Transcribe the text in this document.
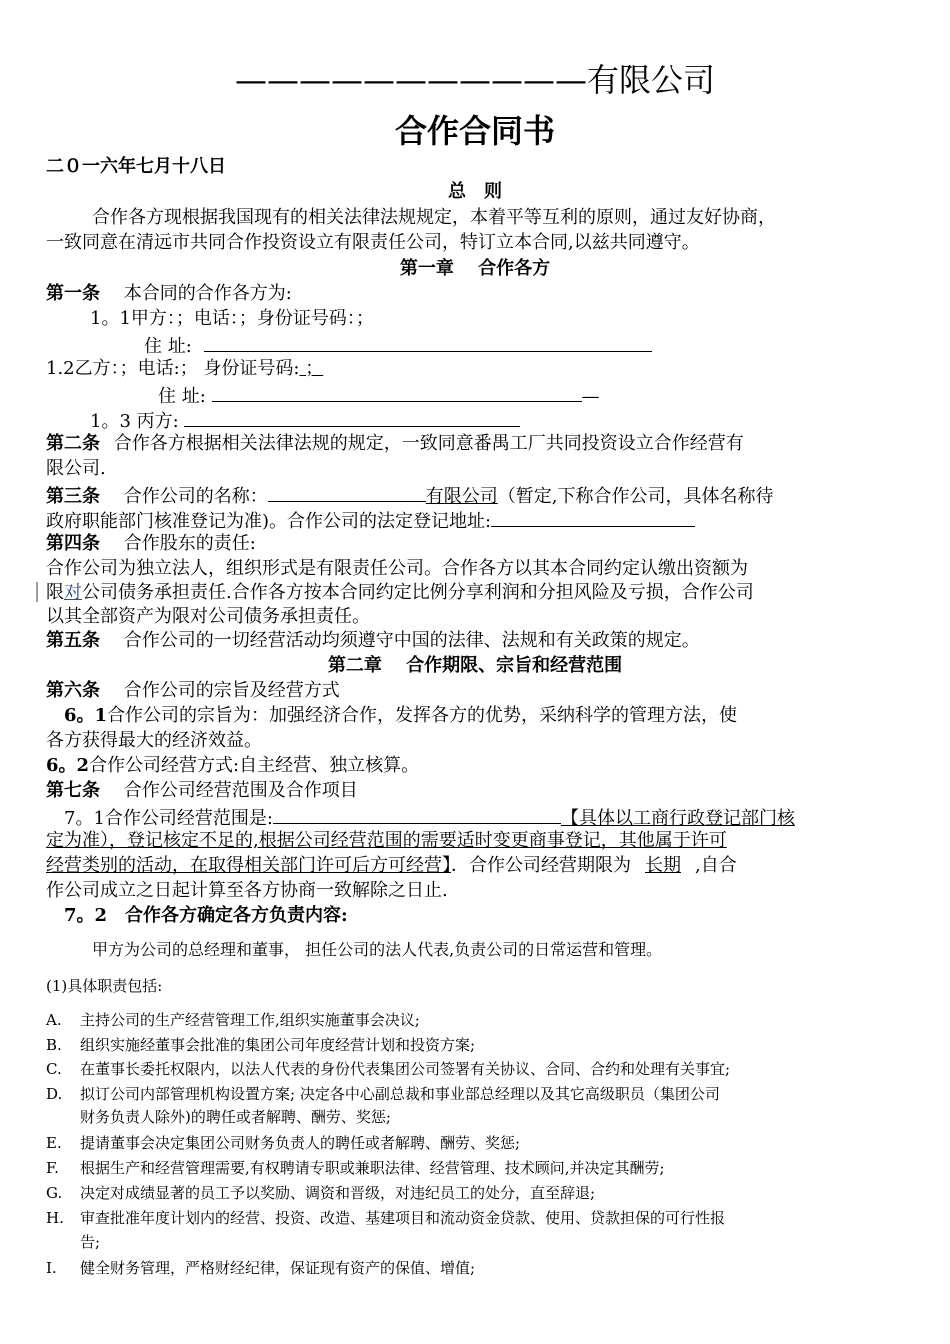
———————————有限公司
合作合同书
二０一六年七月十八日
总　则
合作各方现根据我国现有的相关法律法规规定，本着平等互利的原则，通过友好协商，
一致同意在清远市共同合作投资设立有限责任公司，特订立本合同,以兹共同遵守。
第一章　 合作各方
第一条 本合同的合作各方为:
1。1甲方：；电话：；身份证号码：；
住 址:
1.2乙方：；电话:； 身份证号码: ；
住 址:	—
1。3 丙方:
第二条 合作各方根据相关法律法规的规定，一致同意番禺工厂共同投资设立合作经营有
限公司.
第三条 合作公司的名称：	有限公司（暂定,下称合作公司，具体名称待
政府职能部门核准登记为准)。合作公司的法定登记地址:
第四条 合作股东的责任:
合作公司为独立法人，组织形式是有限责任公司。合作各方以其本合同约定认缴出资额为
限对公司债务承担责任.合作各方按本合同约定比例分享利润和分担风险及亏损，合作公司
以其全部资产为限对公司债务承担责任。
第五条 合作公司的一切经营活动均须遵守中国的法律、法规和有关政策的规定。
第二章　 合作期限、宗旨和经营范围
第六条 合作公司的宗旨及经营方式
6。1合作公司的宗旨为：加强经济合作，发挥各方的优势，采纳科学的管理方法，使
各方获得最大的经济效益。
6。2合作公司经营方式:自主经营、独立核算。
第七条 合作公司经营范围及合作项目
7。1合作公司经营范围是:	【具体以工商行政登记部门核
定为准），登记核定不足的,根据公司经营范围的需要适时变更商事登记，其他属于许可
经营类别的活动，在取得相关部门许可后方可经营】．合作公司经营期限为 长期 ,自合
作公司成立之日起计算至各方协商一致解除之日止.
7。2　合作各方确定各方负责内容:
甲方为公司的总经理和董事， 担任公司的法人代表,负责公司的日常运营和管理。
(1)具体职责包括:
A. 主持公司的生产经营管理工作,组织实施董事会决议;
B. 组织实施经董事会批准的集团公司年度经营计划和投资方案;
C. 在董事长委托权限内，以法人代表的身份代表集团公司签署有关协议、合同、合约和处理有关事宜;
D. 拟订公司内部管理机构设置方案; 决定各中心副总裁和事业部总经理以及其它高级职员（集团公司
财务负责人除外)的聘任或者解聘、酬劳、奖惩;
E. 提请董事会决定集团公司财务负责人的聘任或者解聘、酬劳、奖惩;
F. 根据生产和经营管理需要,有权聘请专职或兼职法律、经营管理、技术顾问,并决定其酬劳;
G. 决定对成绩显著的员工予以奖励、调资和晋级，对违纪员工的处分，直至辞退;
H. 审查批准年度计划内的经营、投资、改造、基建项目和流动资金贷款、使用、贷款担保的可行性报
告;
I. 健全财务管理，严格财经纪律，保证现有资产的保值、增值;
